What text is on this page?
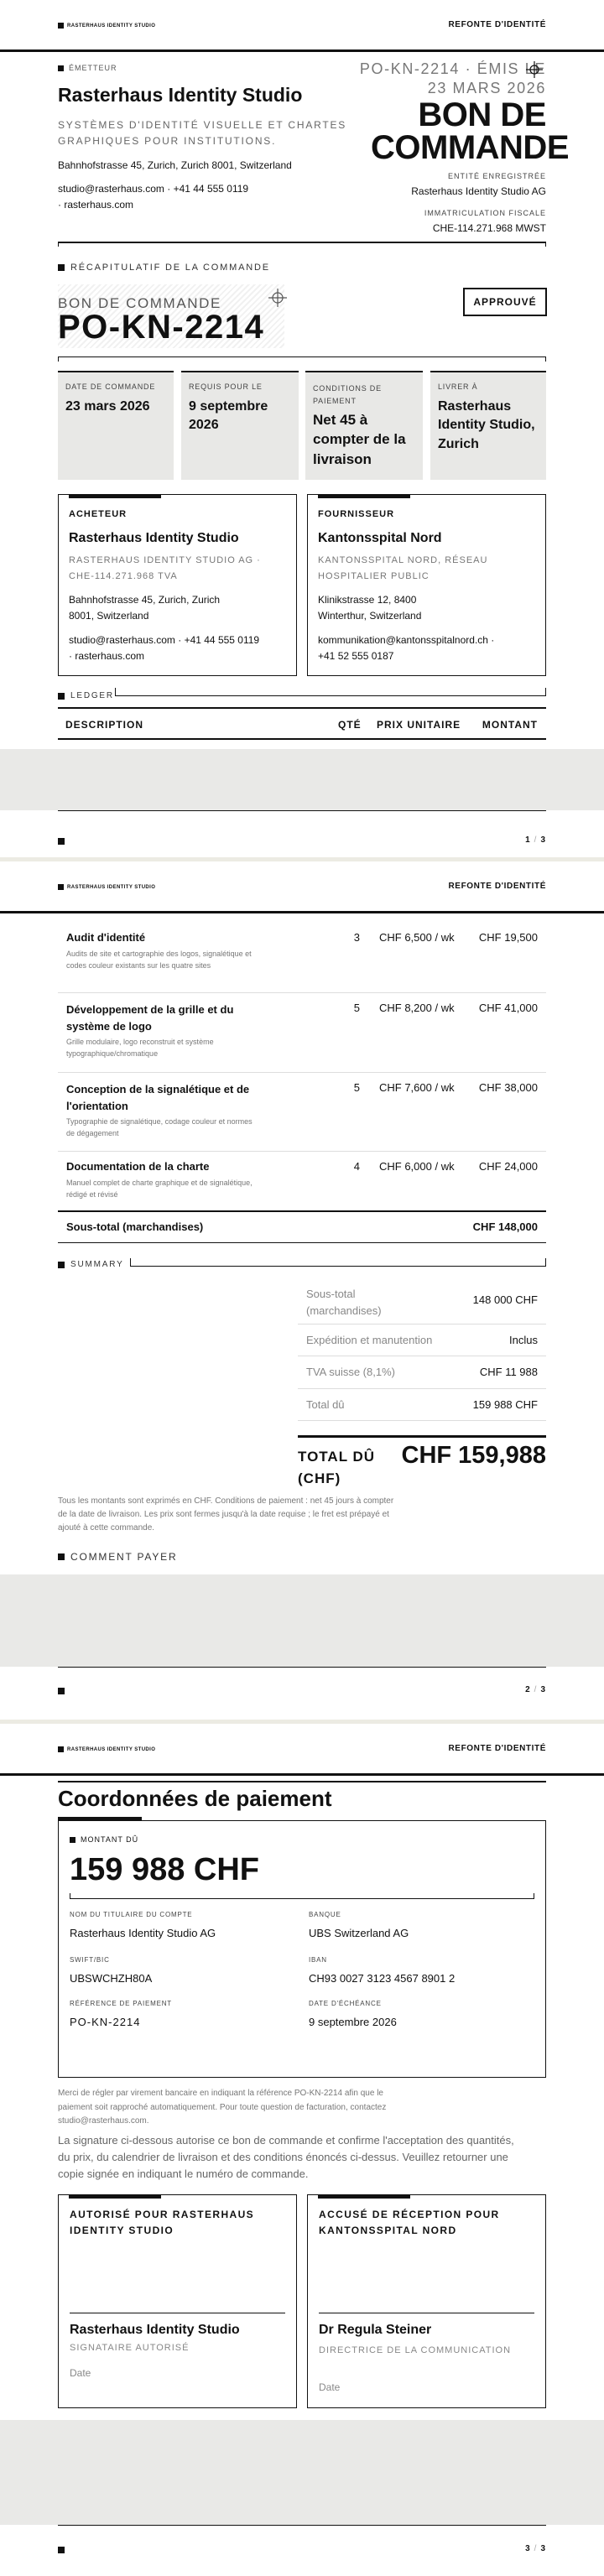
RASTERHAUS IDENTITY STUDIO	REFONTE D'IDENTITÉ
ÉMETTEUR
Rasterhaus Identity Studio
SYSTÈMES D'IDENTITÉ VISUELLE ET CHARTES
GRAPHIQUES POUR INSTITUTIONS.
Bahnhofstrasse 45, Zurich, Zurich 8001, Switzerland
studio@rasterhaus.com · +41 44 555 0119
· rasterhaus.com
PO-KN-2214 · ÉMIS LE
23 MARS 2026
BON DE
COMMANDE
ENTITÉ ENREGISTRÉE
Rasterhaus Identity Studio AG
IMMATRICULATION FISCALE
CHE-114.271.968 MWST
RÉCAPITULATIF DE LA COMMANDE
BON DE COMMANDE
PO-KN-2214
APPROUVÉ
DATE DE COMMANDE
23 mars 2026
REQUIS POUR LE
9 septembre 2026
CONDITIONS DE PAIEMENT
Net 45 à compter de la livraison
LIVRER À
Rasterhaus Identity Studio, Zurich
ACHETEUR
Rasterhaus Identity Studio
RASTERHAUS IDENTITY STUDIO AG · CHE-114.271.968 TVA
Bahnhofstrasse 45, Zurich, Zurich
8001, Switzerland
studio@rasterhaus.com · +41 44 555 0119
· rasterhaus.com
FOURNISSEUR
Kantonsspital Nord
KANTONSSPITAL NORD, RÉSEAU HOSPITALIER PUBLIC
Klinikstrasse 12, 8400
Winterthur, Switzerland
kommunikation@kantonsspitalnord.ch ·
+41 52 555 0187
LEDGER
DESCRIPTION	QTÉ PRIX UNITAIRE MONTANT
1 / 3
RASTERHAUS IDENTITY STUDIO	REFONTE D'IDENTITÉ
Audit d'identité
Audits de site et cartographie des logos, signalétique et codes couleur existants sur les quatre sites
3 CHF 6,500 / wk	CHF 19,500
Développement de la grille et du système de logo
Grille modulaire, logo reconstruit et système typographique/chromatique
5 CHF 8,200 / wk	CHF 41,000
Conception de la signalétique et de l'orientation
Typographie de signalétique, codage couleur et normes de dégagement
5 CHF 7,600 / wk	CHF 38,000
Documentation de la charte
Manuel complet de charte graphique et de signalétique, rédigé et révisé
4 CHF 6,000 / wk	CHF 24,000
Sous-total (marchandises)	CHF 148,000
SUMMARY
Sous-total (marchandises)
148 000 CHF
Expédition et manutention	Inclus
TVA suisse (8,1%)	CHF 11 988
Total dû	159 988 CHF
TOTAL DÛ (CHF)
CHF 159,988
Tous les montants sont exprimés en CHF. Conditions de paiement : net 45 jours à compter de la date de livraison. Les prix sont fermes jusqu'à la date requise ; le fret est prépayé et ajouté à cette commande.
COMMENT PAYER
2 / 3
RASTERHAUS IDENTITY STUDIO	REFONTE D'IDENTITÉ
Coordonnées de paiement
MONTANT DÛ
159 988 CHF
NOM DU TITULAIRE DU COMPTE
Rasterhaus Identity Studio AG
BANQUE
UBS Switzerland AG
SWIFT/BIC
UBSWCHZH80A
IBAN
CH93 0027 3123 4567 8901 2
RÉFÉRENCE DE PAIEMENT
PO-KN-2214
DATE D'ÉCHÉANCE
9 septembre 2026
Merci de régler par virement bancaire en indiquant la référence PO-KN-2214 afin que le paiement soit rapproché automatiquement. Pour toute question de facturation, contactez studio@rasterhaus.com.
La signature ci-dessous autorise ce bon de commande et confirme l'acceptation des quantités, du prix, du calendrier de livraison et des conditions énoncés ci-dessus. Veuillez retourner une copie signée en indiquant le numéro de commande.
AUTORISÉ POUR RASTERHAUS IDENTITY STUDIO
Rasterhaus Identity Studio
SIGNATAIRE AUTORISÉ
Date
ACCUSÉ DE RÉCEPTION POUR KANTONSSPITAL NORD
Dr Regula Steiner
DIRECTRICE DE LA COMMUNICATION
Date
3 / 3
